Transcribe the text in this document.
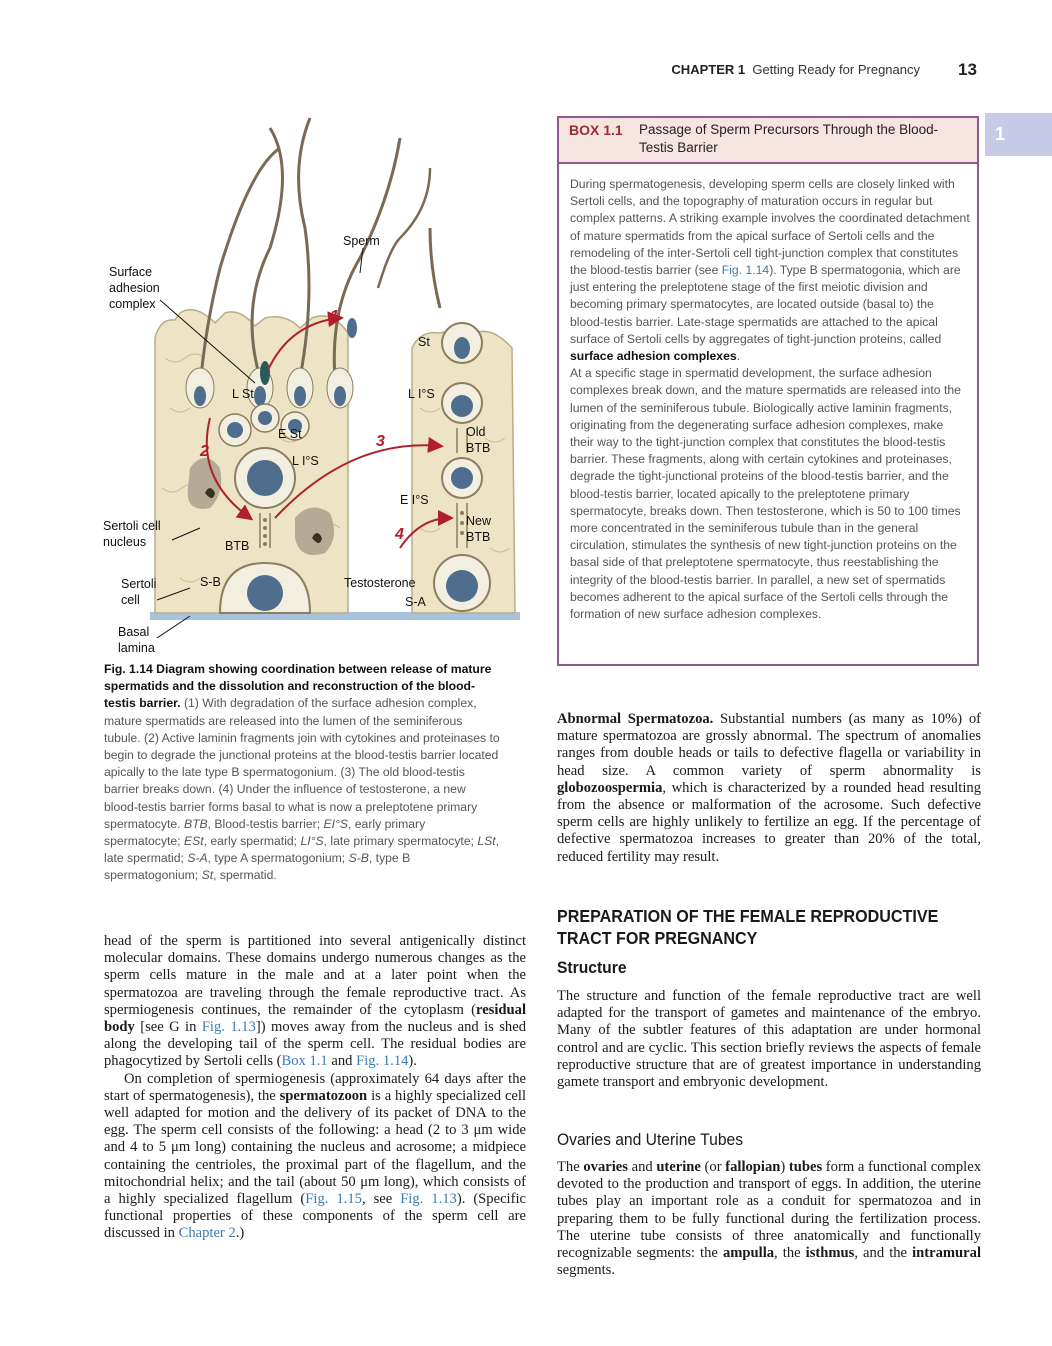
CHAPTER 1 Getting Ready for Pregnancy 13
1
Sperm
Surface
adhesion
complex
St
L St	L I°S
E St
L I°S
Old
BTB
E I°S
Sertoli cell
nucleus	BTB
New
BTB
Sertoli
cell
S-B	Testosterone
S-A
Basal
lamina
1
2
3
4
Fig. 1.14 Diagram showing coordination between release of mature spermatids and the dissolution and reconstruction of the blood-testis barrier. (1) With degradation of the surface adhesion complex, mature spermatids are released into the lumen of the seminiferous tubule. (2) Active laminin fragments join with cytokines and proteinases to begin to degrade the junctional proteins at the blood-testis barrier located apically to the late type B spermatogonium. (3) The old blood-testis barrier breaks down. (4) Under the influence of testosterone, a new blood-testis barrier forms basal to what is now a preleptotene primary spermatocyte. BTB, Blood-testis barrier; EI°S, early primary spermatocyte; ESt, early spermatid; LI°S, late primary spermatocyte; LSt, late spermatid; S-A, type A spermatogonium; S-B, type B spermatogonium; St, spermatid.
BOX 1.1 Passage of Sperm Precursors Through the Blood-Testis Barrier

During spermatogenesis, developing sperm cells are closely linked with Sertoli cells, and the topography of maturation occurs in regular but complex patterns. A striking example involves the coordinated detachment of mature spermatids from the apical surface of Sertoli cells and the remodeling of the inter-Sertoli cell tight-junction complex that constitutes the blood-testis barrier (see Fig. 1.14). Type B spermatogonia, which are just entering the preleptotene stage of the first meiotic division and becoming primary spermatocytes, are located outside (basal to) the blood-testis barrier. Late-stage spermatids are attached to the apical surface of Sertoli cells by aggregates of tight-junction proteins, called surface adhesion complexes.

At a specific stage in spermatid development, the surface adhesion complexes break down, and the mature spermatids are released into the lumen of the seminiferous tubule. Biologically active laminin fragments, originating from the degenerating surface adhesion complexes, make their way to the tight-junction complex that constitutes the blood-testis barrier. These fragments, along with certain cytokines and proteinases, degrade the tight-junctional proteins of the blood-testis barrier, and the blood-testis barrier, located apically to the preleptotene primary spermatocyte, breaks down. Then testosterone, which is 50 to 100 times more concentrated in the seminiferous tubule than in the general circulation, stimulates the synthesis of new tight-junction proteins on the basal side of that preleptotene spermatocyte, thus reestablishing the integrity of the blood-testis barrier. In parallel, a new set of spermatids becomes adherent to the apical surface of the Sertoli cells through the formation of new surface adhesion complexes.

head of the sperm is partitioned into several antigenically distinct molecular domains. These domains undergo numerous changes as the sperm cells mature in the male and at a later point when the spermatozoa are traveling through the female reproductive tract. As spermiogenesis continues, the remainder of the cytoplasm (residual body [see G in Fig. 1.13]) moves away from the nucleus and is shed along the developing tail of the sperm cell. The residual bodies are phagocytized by Sertoli cells (Box 1.1 and Fig. 1.14).

On completion of spermiogenesis (approximately 64 days after the start of spermatogenesis), the spermatozoon is a highly specialized cell well adapted for motion and the delivery of its packet of DNA to the egg. The sperm cell consists of the following: a head (2 to 3 μm wide and 4 to 5 μm long) containing the nucleus and acrosome; a midpiece containing the centrioles, the proximal part of the flagellum, and the mitochondrial helix; and the tail (about 50 μm long), which consists of a highly specialized flagellum (Fig. 1.15, see Fig. 1.13). (Specific functional properties of these components of the sperm cell are discussed in Chapter 2.)

Abnormal Spermatozoa. Substantial numbers (as many as 10%) of mature spermatozoa are grossly abnormal. The spectrum of anomalies ranges from double heads or tails to defective flagella or variability in head size. A common variety of sperm abnormality is globozoospermia, which is characterized by a rounded head resulting from the absence or malformation of the acrosome. Such defective sperm cells are highly unlikely to fertilize an egg. If the percentage of defective spermatozoa increases to greater than 20% of the total, reduced fertility may result.

PREPARATION OF THE FEMALE REPRODUCTIVE TRACT FOR PREGNANCY
Structure

The structure and function of the female reproductive tract are well adapted for the transport of gametes and maintenance of the embryo. Many of the subtler features of this adaptation are under hormonal control and are cyclic. This section briefly reviews the aspects of female reproductive structure that are of greatest importance in understanding gamete transport and embryonic development.

Ovaries and Uterine Tubes

The ovaries and uterine (or fallopian) tubes form a functional complex devoted to the production and transport of eggs. In addition, the uterine tubes play an important role as a conduit for spermatozoa and in preparing them to be fully functional during the fertilization process. The uterine tube consists of three anatomically and functionally recognizable segments: the ampulla, the isthmus, and the intramural segments.
